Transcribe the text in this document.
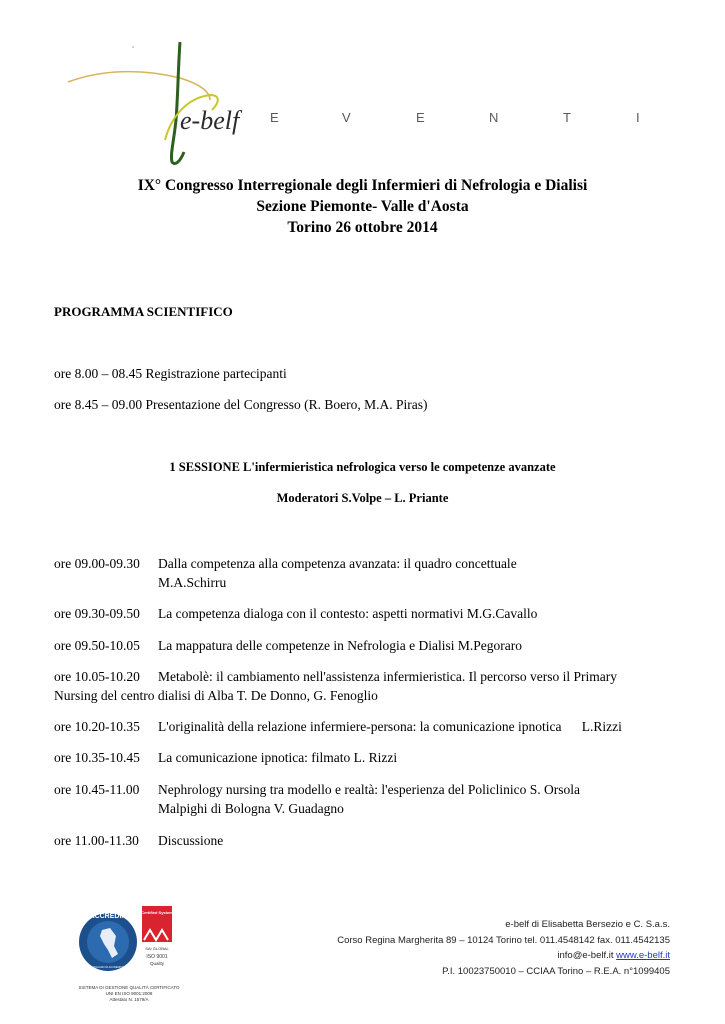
e-belf E	V	E	N	T	I
IX° Congresso Interregionale degli Infermieri di Nefrologia e Dialisi
Sezione Piemonte- Valle d'Aosta
Torino 26 ottobre 2014
PROGRAMMA SCIENTIFICO
ore 8.00 – 08.45 Registrazione partecipanti
ore 8.45 – 09.00 Presentazione del Congresso (R. Boero, M.A. Piras)
1 SESSIONE L'infermieristica nefrologica verso le competenze avanzate
Moderatori S.Volpe – L. Priante
ore 09.00-09.30 Dalla competenza alla competenza avanzata: il quadro concettuale
M.A.Schirru
ore 09.30-09.50 La competenza dialoga con il contesto: aspetti normativi M.G.Cavallo
ore 09.50-10.05 La mappatura delle competenze in Nefrologia e Dialisi M.Pegoraro
ore 10.05-10.20 Metabolè: il cambiamento nell'assistenza infermieristica. Il percorso verso il Primary
Nursing del centro dialisi di Alba T. De Donno, G. Fenoglio
ore 10.20-10.35 L'originalità della relazione infermiere-persona: la comunicazione ipnotica      L.Rizzi
ore 10.35-10.45 La comunicazione ipnotica: filmato L. Rizzi
ore 10.45-11.00 Nephrology nursing tra modello e realtà: l'esperienza del Policlinico S. Orsola
Malpighi di Bologna V. Guadagno
ore 11.00-11.30 Discussione
ACCREDIA
L'ENTE ITALIANO DI ACCREDITAMENTO
Certified System
SAI GLOBAL
ISO 9001
Quality
SISTEMA DI GESTIONE QUALITÀ CERTIFICATO
UNI EN ISO 9001:2008
Attestato N. 1579/A
e-belf di Elisabetta Bersezio e C. S.a.s.
Corso Regina Margherita 89 – 10124 Torino tel. 011.4548142 fax. 011.4542135
info@e-belf.it www.e-belf.it
P.I. 10023750010 – CCIAA Torino – R.E.A. n°1099405
